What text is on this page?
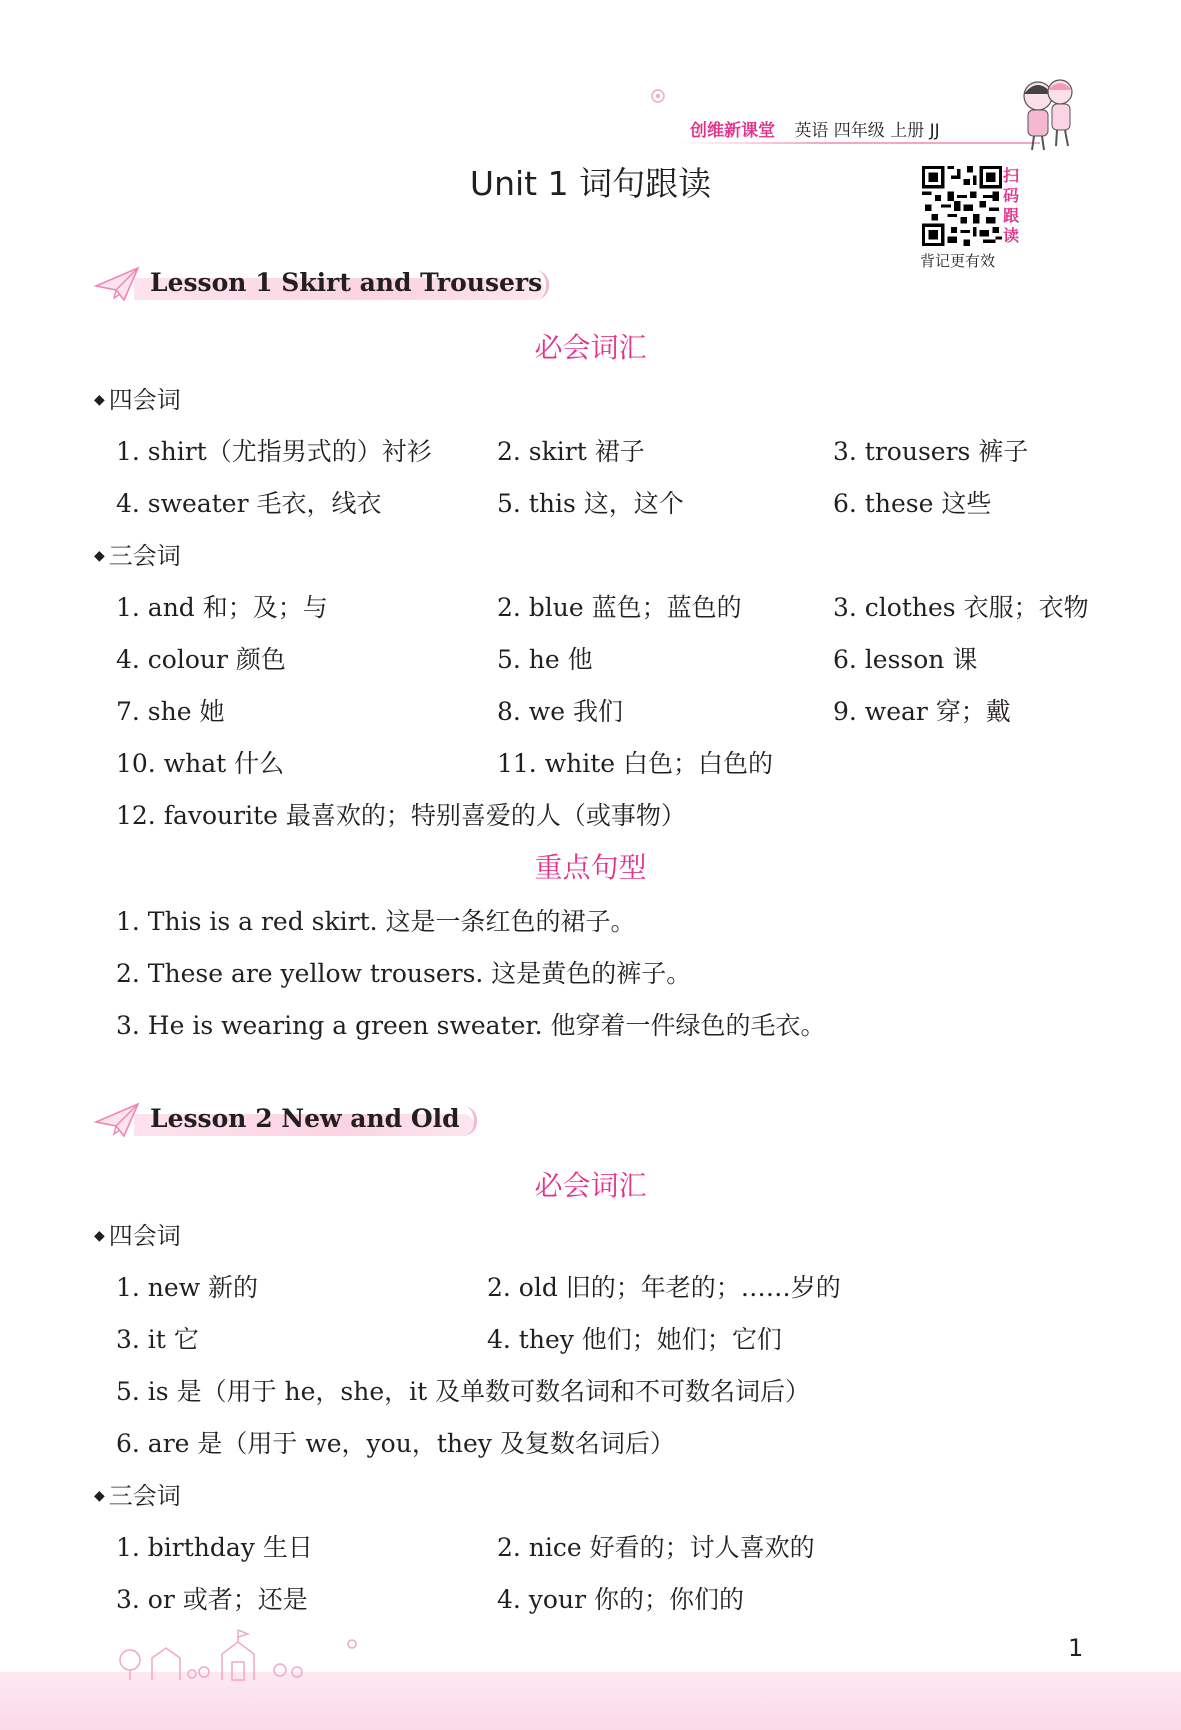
创维新课堂 英语 四年级 上册 JJ
Unit 1 词句跟读	扫
码
跟
读
背记更有效
Lesson 1 Skirt and Trousers
必会词汇
◆ 四会词
1. shirt（尤指男式的）衬衫	2. skirt 裙子	3. trousers 裤子
4. sweater 毛衣，线衣	5. this 这，这个	6. these 这些
◆ 三会词
1. and 和；及；与	2. blue 蓝色；蓝色的	3. clothes 衣服；衣物
4. colour 颜色	5. he 他	6. lesson 课
7. she 她	8. we 我们	9. wear 穿；戴
10. what 什么	11. white 白色；白色的
12. favourite 最喜欢的；特别喜爱的人（或事物）
重点句型
1. This is a red skirt. 这是一条红色的裙子。
2. These are yellow trousers. 这是黄色的裤子。
3. He is wearing a green sweater. 他穿着一件绿色的毛衣。
Lesson 2 New and Old
必会词汇
◆ 四会词
1. new 新的	2. old 旧的；年老的；……岁的
3. it 它	4. they 他们；她们；它们
5. is 是（用于 he，she，it 及单数可数名词和不可数名词后）
6. are 是（用于 we，you，they 及复数名词后）
◆ 三会词
1. birthday 生日	2. nice 好看的；讨人喜欢的
3. or 或者；还是	4. your 你的；你们的
1
